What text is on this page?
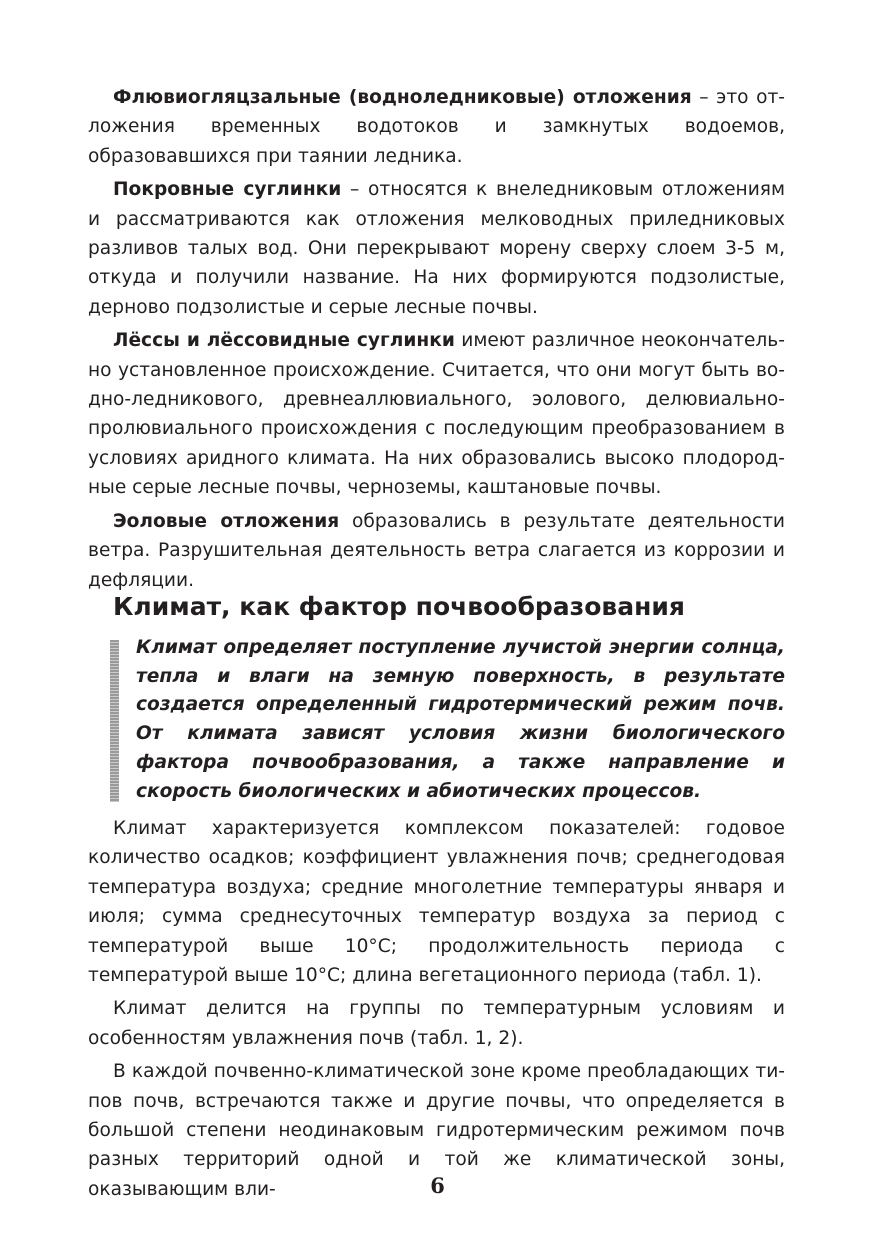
Флювиогляцзальные (водноледниковые) отложения – это отложения временных водотоков и замкнутых водоемов, образовавшихся при таянии ледника.

Покровные суглинки – относятся к внеледниковым отложениям и рассматриваются как отложения мелководных приледниковых разливов талых вод. Они перекрывают морену сверху слоем 3-5 м, откуда и получили название. На них формируются подзолистые, дерново подзолистые и серые лесные почвы.

Лёссы и лёссовидные суглинки имеют различное неокончательно установленное происхождение. Считается, что они могут быть водно-ледникового, древнеаллювиального, эолового, делювиально-пролювиального происхождения с последующим преобразованием в условиях аридного климата. На них образовались высоко плодородные серые лесные почвы, черноземы, каштановые почвы.

Эоловые отложения образовались в результате деятельности ветра. Разрушительная деятельность ветра слагается из коррозии и дефляции.

Климат, как фактор почвообразования

Климат определяет поступление лучистой энергии солнца, тепла и влаги на земную поверхность, в результате создается определенный гидротермический режим почв. От климата зависят условия жизни биологического фактора почвообразования, а также направление и скорость биологических и абиотических процессов.

Климат характеризуется комплексом показателей: годовое количество осадков; коэффициент увлажнения почв; среднегодовая температура воздуха; средние многолетние температуры января и июля; сумма среднесуточных температур воздуха за период с температурой выше 10°С; продолжительность периода с температурой выше 10°С; длина вегетационного периода (табл. 1).

Климат делится на группы по температурным условиям и особенностям увлажнения почв (табл. 1, 2).

В каждой почвенно-климатической зоне кроме преобладающих типов почв, встречаются также и другие почвы, что определяется в большой степени неодинаковым гидротермическим режимом почв разных территорий одной и той же климатической зоны, оказывающим вли-	6
